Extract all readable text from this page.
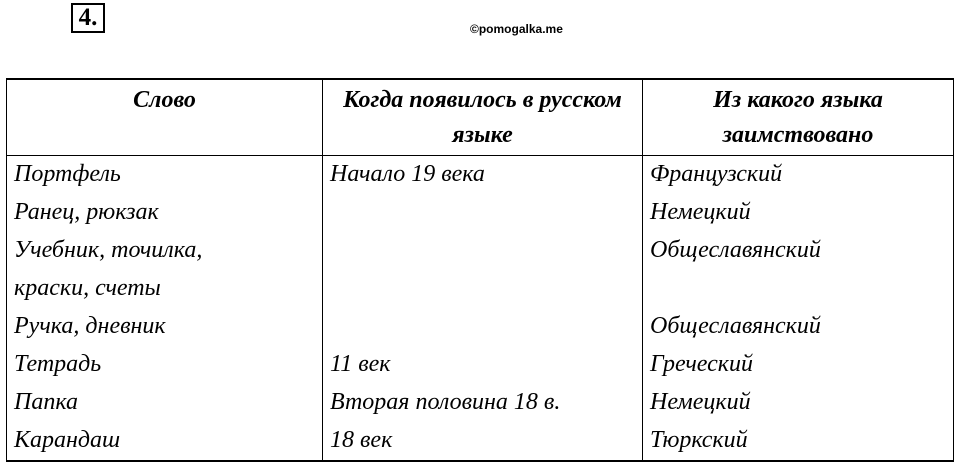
4.	©pomogalka.me
Слово	Когда появилось в русском языке	Из какого языка заимствовано
Портфель	Начало 19 века	Французский
Ранец, рюкзак		Немецкий
Учебник, точилка,		Общеславянский
краски, счеты		
Ручка, дневник		Общеславянский
Тетрадь	11 век	Греческий
Папка	Вторая половина 18 в.	Немецкий
Карандаш	18 век	Тюркский
